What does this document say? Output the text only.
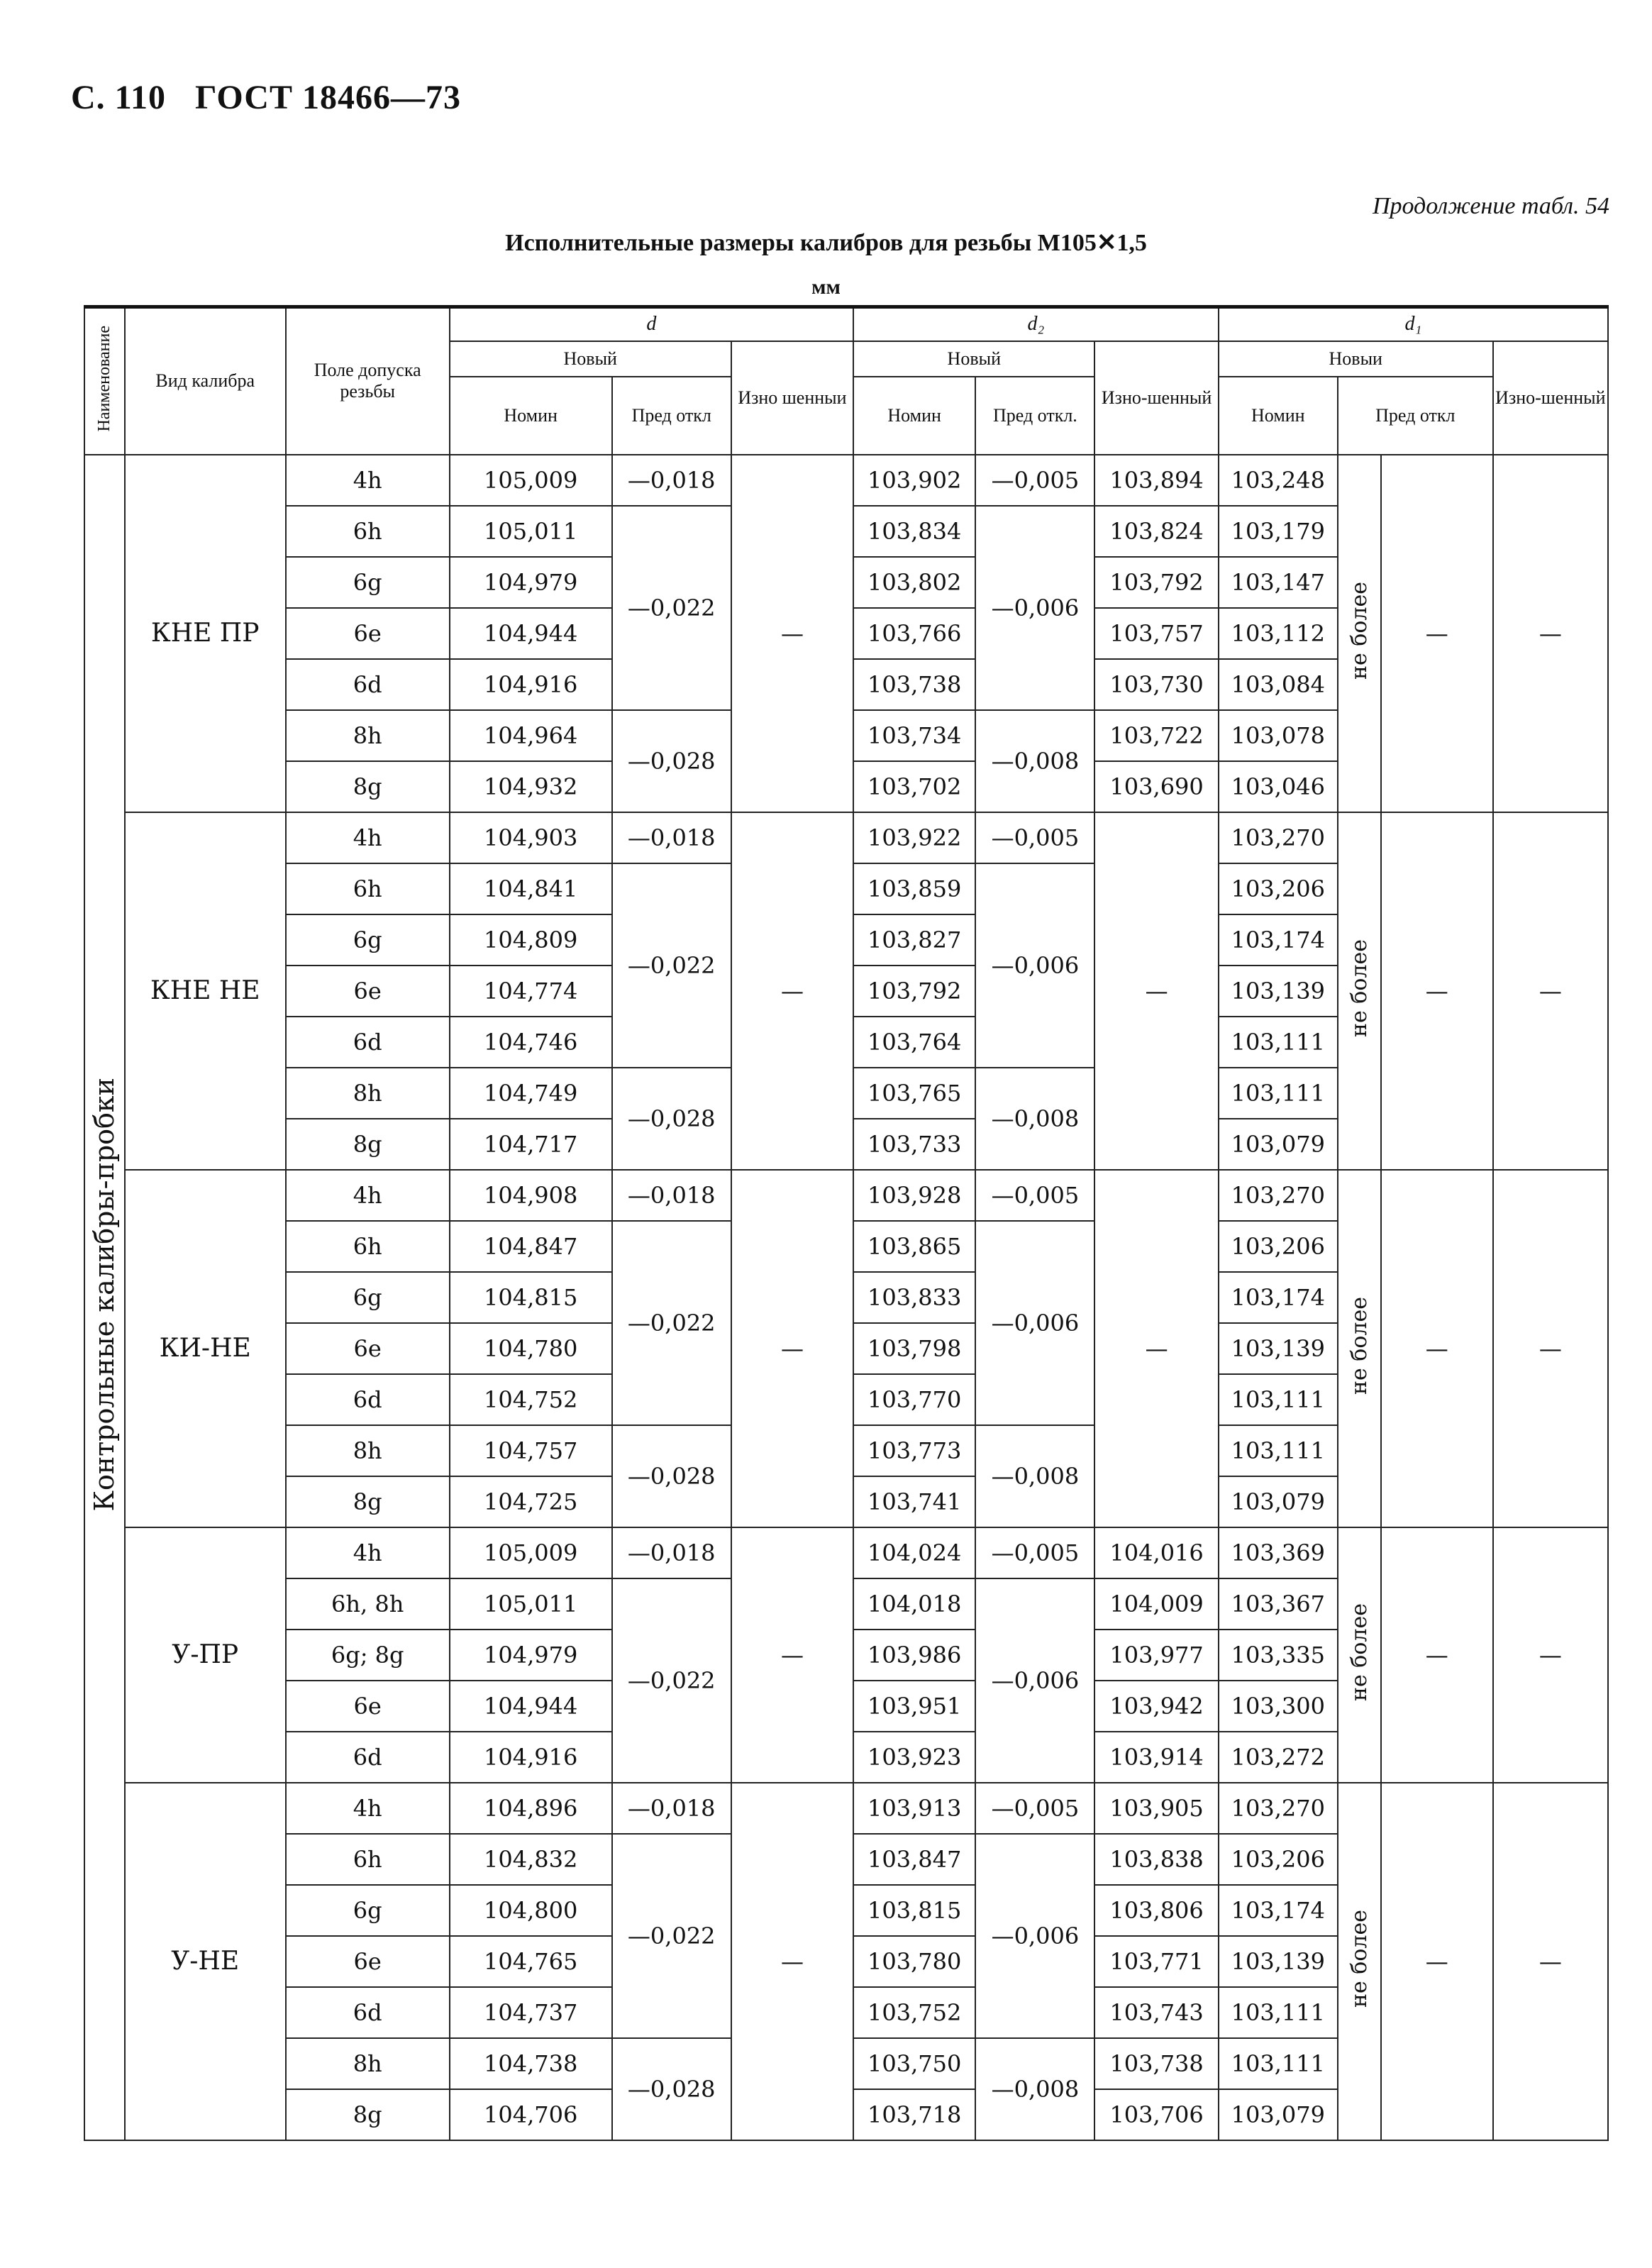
С. 110 ГОСТ 18466—73
Продолжение табл. 54
Исполнительные размеры калибров для резьбы М105✕1,5
мм
Наименование	Вид калибра	Поле допуска резьбы	d			d₂			d₁			
			Новый		Изно шенныи	Новый		Изно-шенный	Новыи			Изно-шенный
			Номин	Пред откл		Номин	Пред откл.		Номин	Пред откл		
Контрольные калибры-пробки	КНЕ ПР	4h	105,009	—0,018	—	103,902	—0,005	103,894	103,248	не более	—	—
		6h	105,011	—0,022		103,834	—0,006	103,824	103,179			
		6g	104,979			103,802		103,792	103,147			
		6e	104,944			103,766		103,757	103,112			
		6d	104,916			103,738		103,730	103,084			
		8h	104,964	—0,028		103,734	—0,008	103,722	103,078			
		8g	104,932			103,702		103,690	103,046			
	КНЕ НЕ	4h	104,903	—0,018	—	103,922	—0,005	—	103,270	не более	—	—
		6h	104,841	—0,022		103,859	—0,006		103,206			
		6g	104,809			103,827			103,174			
		6e	104,774			103,792			103,139			
		6d	104,746			103,764			103,111			
		8h	104,749	—0,028		103,765	—0,008		103,111			
		8g	104,717			103,733			103,079			
	КИ-НЕ	4h	104,908	—0,018	—	103,928	—0,005	—	103,270	не более	—	—
		6h	104,847	—0,022		103,865	—0,006		103,206			
		6g	104,815			103,833			103,174			
		6e	104,780			103,798			103,139			
		6d	104,752			103,770			103,111			
		8h	104,757	—0,028		103,773	—0,008		103,111			
		8g	104,725			103,741			103,079			
	У-ПР	4h	105,009	—0,018	—	104,024	—0,005	104,016	103,369	не более	—	—
		6h, 8h	105,011	—0,022		104,018	—0,006	104,009	103,367			
		6g; 8g	104,979			103,986		103,977	103,335			
		6e	104,944			103,951		103,942	103,300			
		6d	104,916			103,923		103,914	103,272			
	У-НЕ	4h	104,896	—0,018	—	103,913	—0,005	103,905	103,270	не более	—	—
		6h	104,832	—0,022		103,847	—0,006	103,838	103,206			
		6g	104,800			103,815		103,806	103,174			
		6e	104,765			103,780		103,771	103,139			
		6d	104,737			103,752		103,743	103,111			
		8h	104,738	—0,028		103,750	—0,008	103,738	103,111			
		8g	104,706			103,718		103,706	103,079			
